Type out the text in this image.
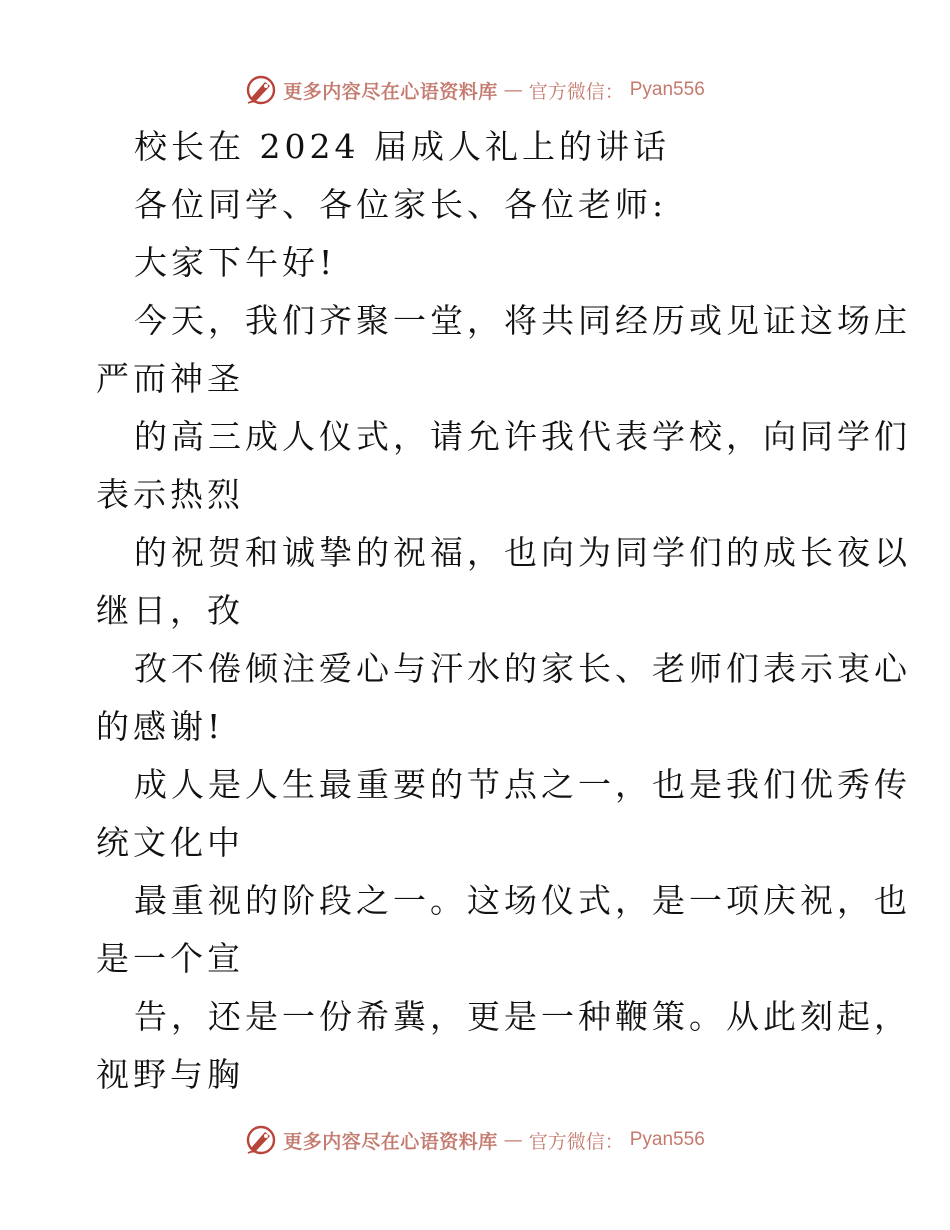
更多内容尽在心语资料库 — 官方微信： Pyan556
校长在 2024 届成人礼上的讲话
各位同学、各位家长、各位老师:
大家下午好!
今天，我们齐聚一堂，将共同经历或见证这场庄
严而神圣
的高三成人仪式，请允许我代表学校，向同学们
表示热烈
的祝贺和诚挚的祝福，也向为同学们的成长夜以
继日，孜
孜不倦倾注爱心与汗水的家长、老师们表示衷心
的感谢!
成人是人生最重要的节点之一，也是我们优秀传
统文化中
最重视的阶段之一。这场仪式，是一项庆祝，也
是一个宣
告，还是一份希冀，更是一种鞭策。从此刻起，
视野与胸
更多内容尽在心语资料库 — 官方微信： Pyan556
